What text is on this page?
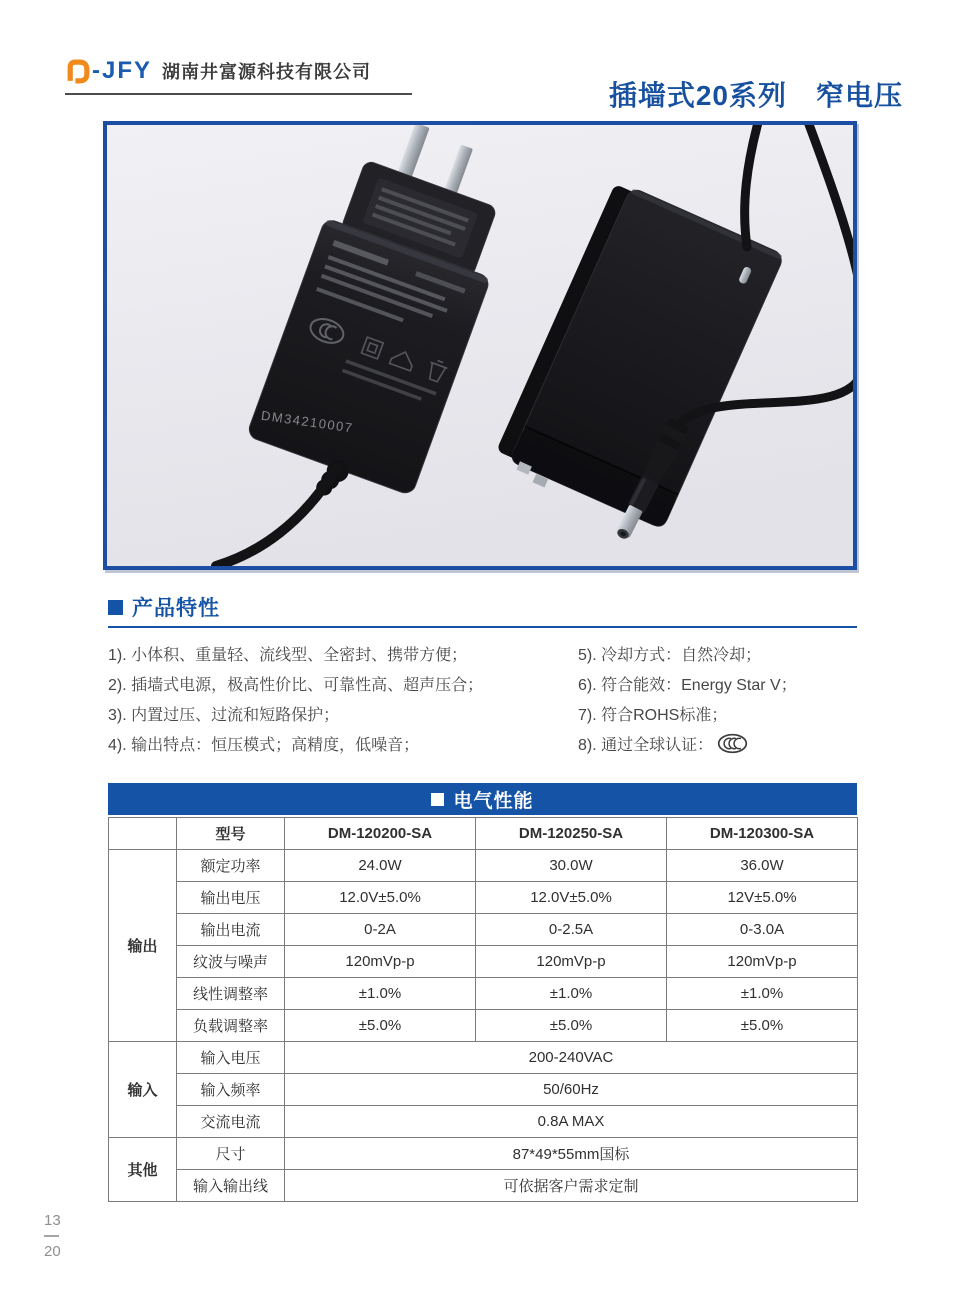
-JFY 湖南井富源科技有限公司
插墙式20系列　窄电压
DM34210007
产品特性
1). 小体积、重量轻、流线型、全密封、携带方便；
2). 插墙式电源，极高性价比、可靠性高、超声压合；
3). 内置过压、过流和短路保护；
4). 输出特点：恒压模式；高精度，低噪音；
5). 冷却方式：自然冷却；
6). 符合能效：Energy Star V；
7). 符合ROHS标准；
8). 通过全球认证：
电气性能
	型号	DM-120200-SA	DM-120250-SA	DM-120300-SA
输出	额定功率	24.0W	30.0W	36.0W
	输出电压	12.0V±5.0%	12.0V±5.0%	12V±5.0%
	输出电流	0-2A	0-2.5A	0-3.0A
	纹波与噪声	120mVp-p	120mVp-p	120mVp-p
	线性调整率	±1.0%	±1.0%	±1.0%
	负载调整率	±5.0%	±5.0%	±5.0%
输入	输入电压	200-240VAC		
	输入频率	50/60Hz		
	交流电流	0.8A MAX		
其他	尺寸	87*49*55mm国标		
	输入输出线	可依据客户需求定制		
13
20
